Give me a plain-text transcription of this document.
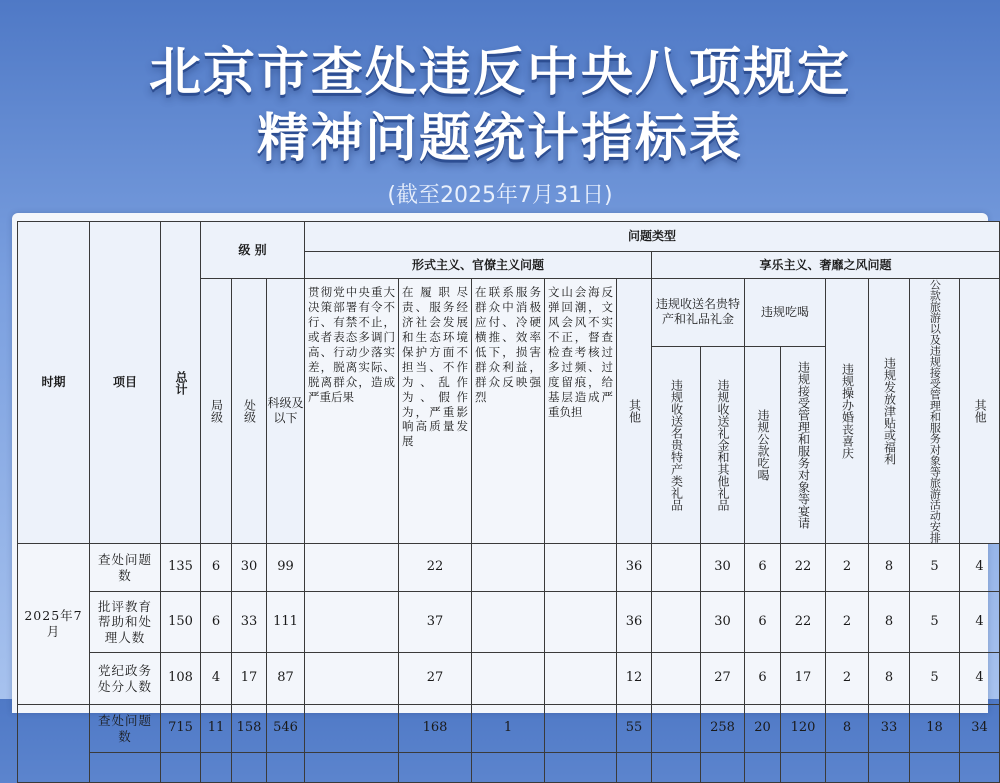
北京市查处违反中央八项规定
精神问题统计指标表
(截至2025年7月31日)
时期	项目	总计	级 别			问题类型												
						形式主义、官僚主义问题					享乐主义、奢靡之风问题							
			局级	处级	科级及以下	贯彻党中央重大决策部署有令不行、有禁不止，或者表态多调门高、行动少落实差，脱离实际、脱离群众，造成严重后果	在履职尽责、服务经济社会发展和生态环境保护方面不担当、不作为、乱作为、假作为，严重影响高质量发展	在联系服务群众中消极应付、冷硬横推、效率低下，损害群众利益，群众反映强烈	文山会海反弹回潮，文风会风不实不正，督查检查考核过多过频、过度留痕，给基层造成严重负担	其他	违规收送名贵特产和礼品礼金		违规吃喝		违规操办婚丧喜庆	违规发放津贴或福利	公款旅游以及违规接受管理和服务对象等旅游活动安排	其他
											违规收送名贵特产类礼品	违规收送礼金和其他礼品	违规公款吃喝	违规接受管理和服务对象等宴请				
2025年7月	查处问题数	135	6	30	99		22			36		30	6	22	2	8	5	4
	批评教育帮助和处理人数	150	6	33	111		37			36		30	6	22	2	8	5	4
	党纪政务处分人数	108	4	17	87		27			12		27	6	17	2	8	5	4
	查处问题数	715	11	158	546		168	1		55		258	20	120	8	33	18	34
